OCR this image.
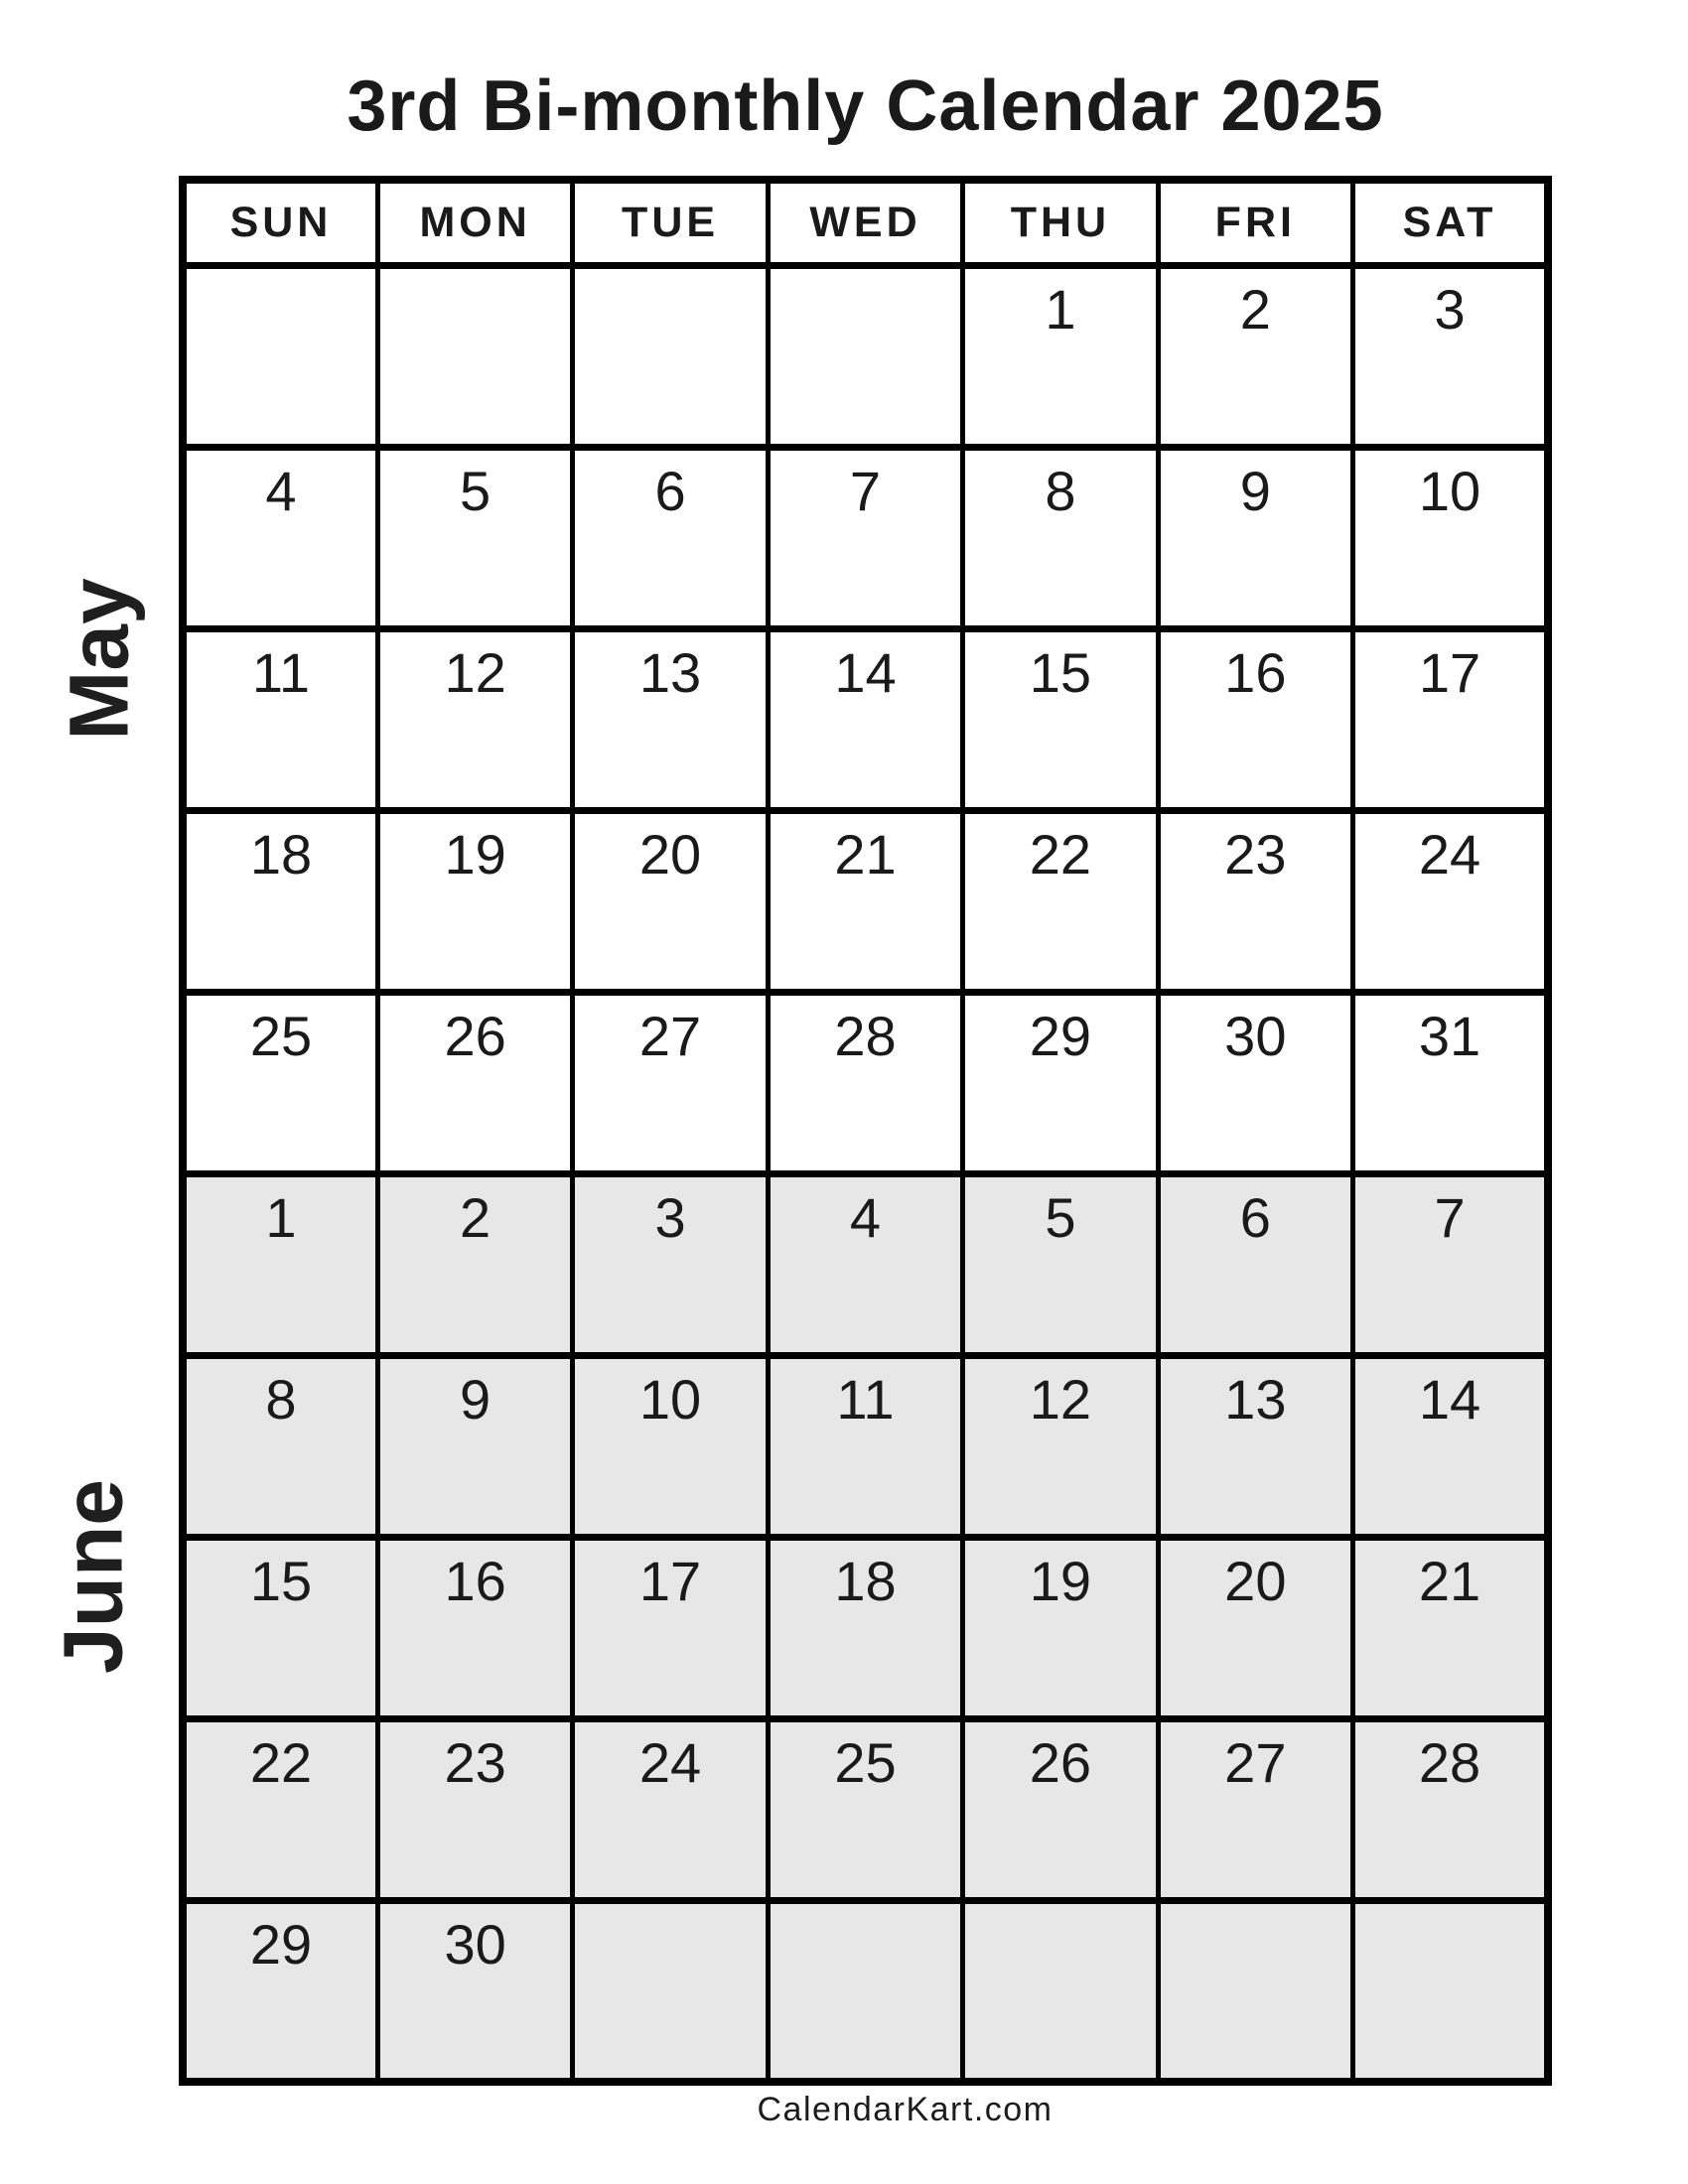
3rd Bi-monthly Calendar 2025
May
June
SUN	MON	TUE	WED	THU	FRI	SAT
				1	2	3
4	5	6	7	8	9	10
11	12	13	14	15	16	17
18	19	20	21	22	23	24
25	26	27	28	29	30	31
1	2	3	4	5	6	7
8	9	10	11	12	13	14
15	16	17	18	19	20	21
22	23	24	25	26	27	28
29	30					
CalendarKart.com
